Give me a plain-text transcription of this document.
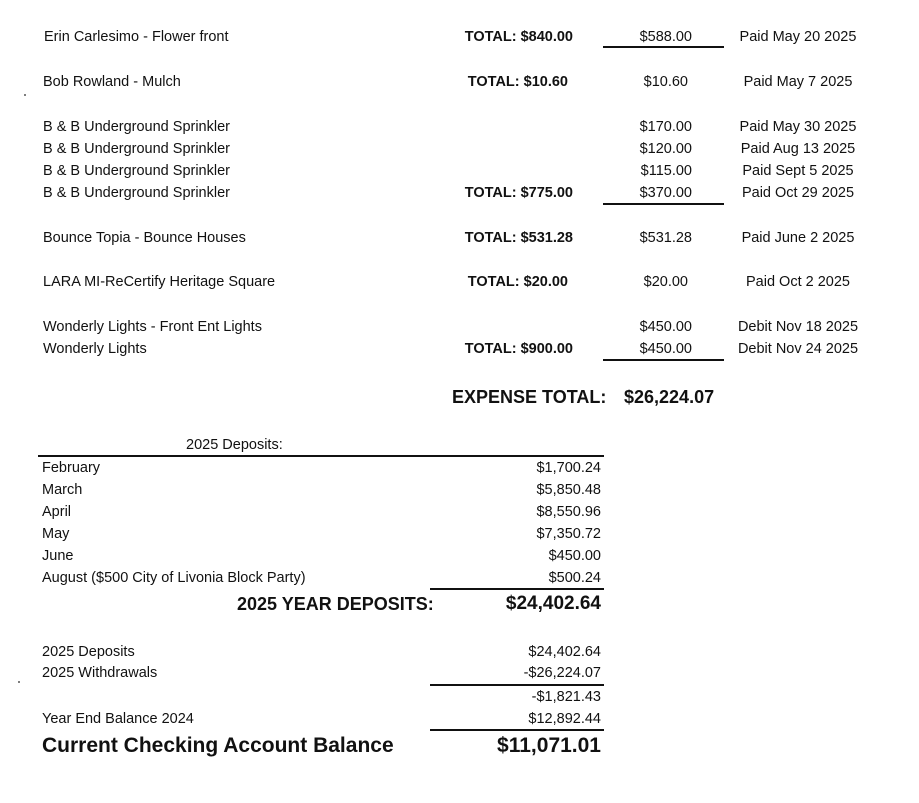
Erin Carlesimo - Flower front	TOTAL: $840.00	$588.00	Paid May 20 2025
Bob Rowland - Mulch	TOTAL: $10.60	$10.60	Paid May 7 2025
B & B Underground Sprinkler	$170.00	Paid May 30 2025
B & B Underground Sprinkler	$120.00	Paid Aug 13 2025
B & B Underground Sprinkler	$115.00	Paid Sept 5 2025
B & B Underground Sprinkler	TOTAL: $775.00	$370.00	Paid Oct 29 2025
Bounce Topia - Bounce Houses	TOTAL: $531.28	$531.28	Paid June 2 2025
LARA MI-ReCertify Heritage Square	TOTAL: $20.00	$20.00	Paid Oct 2 2025
Wonderly Lights - Front Ent Lights	$450.00	Debit Nov 18 2025
Wonderly Lights	TOTAL: $900.00	$450.00	Debit Nov 24 2025
EXPENSE TOTAL: $26,224.07
2025 Deposits:
February	$1,700.24
March	$5,850.48
April	$8,550.96
May	$7,350.72
June	$450.00
August ($500 City of Livonia Block Party)	$500.24
2025 YEAR DEPOSITS:	$24,402.64
2025 Deposits	$24,402.64
2025 Withdrawals	-$26,224.07
-$1,821.43
Year End Balance 2024	$12,892.44
Current Checking Account Balance	$11,071.01
